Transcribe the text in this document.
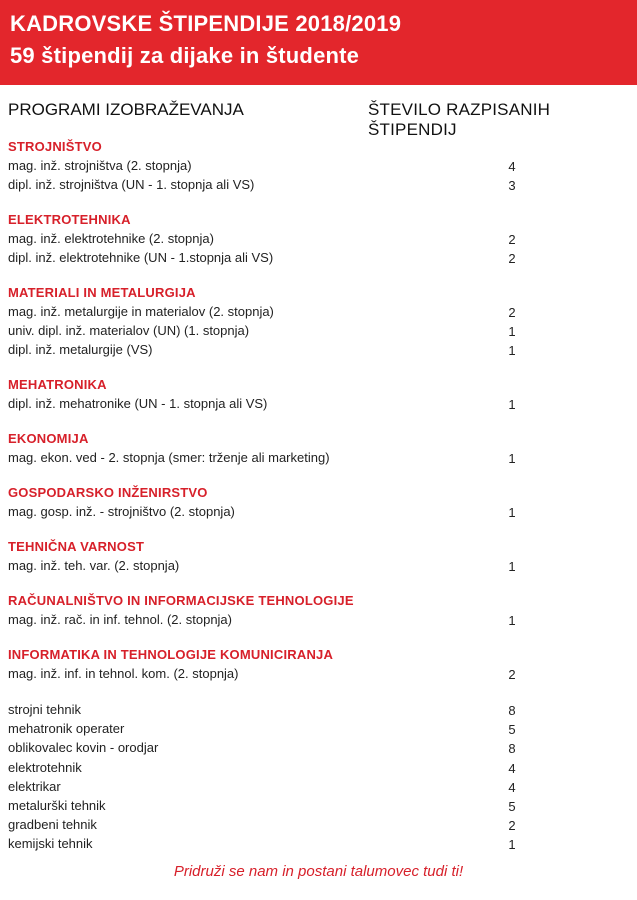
KADROVSKE ŠTIPENDIJE 2018/2019
59 štipendij za dijake in študente
PROGRAMI IZOBRAŽEVANJA	ŠTEVILO RAZPISANIH ŠTIPENDIJ
STROJNIŠTVO
mag. inž. strojništva (2. stopnja)	4
dipl. inž. strojništva (UN - 1. stopnja ali VS)	3
ELEKTROTEHNIKA
mag. inž. elektrotehnike (2. stopnja)	2
dipl. inž. elektrotehnike (UN - 1.stopnja ali VS)	2
MATERIALI IN METALURGIJA
mag. inž. metalurgije in materialov (2. stopnja)	2
univ. dipl. inž. materialov (UN) (1. stopnja)	1
dipl. inž. metalurgije (VS)	1
MEHATRONIKA
dipl. inž. mehatronike (UN - 1. stopnja ali VS)	1
EKONOMIJA
mag. ekon. ved - 2. stopnja (smer: trženje ali marketing)	1
GOSPODARSKO INŽENIRSTVO
mag. gosp. inž. - strojništvo (2. stopnja)	1
TEHNIČNA VARNOST
mag. inž. teh. var. (2. stopnja)	1
RAČUNALNIŠTVO IN INFORMACIJSKE TEHNOLOGIJE
mag. inž. rač. in inf. tehnol. (2. stopnja)	1
INFORMATIKA IN TEHNOLOGIJE KOMUNICIRANJA
mag. inž. inf. in tehnol. kom. (2. stopnja)	2
strojni tehnik	8
mehatronik operater	5
oblikovalec kovin - orodjar	8
elektrotehnik	4
elektrikar	4
metalurški tehnik	5
gradbeni tehnik	2
kemijski tehnik	1
Pridruži se nam in postani talumovec tudi ti!
